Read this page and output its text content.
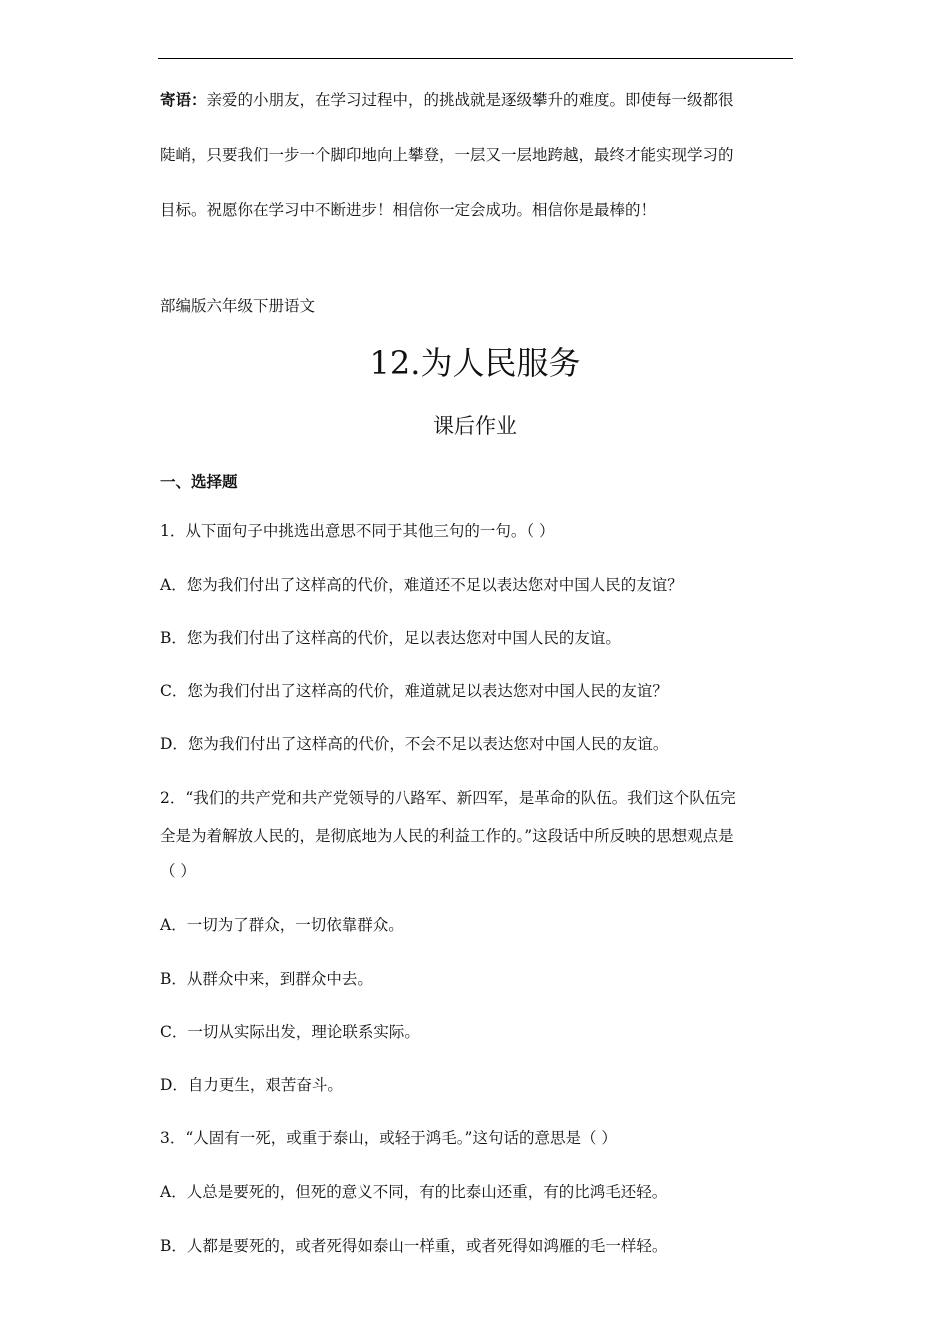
寄语：亲爱的小朋友，在学习过程中，的挑战就是逐级攀升的难度。即使每一级都很
陡峭，只要我们一步一个脚印地向上攀登，一层又一层地跨越，最终才能实现学习的
目标。祝愿你在学习中不断进步！相信你一定会成功。相信你是最棒的！
部编版六年级下册语文
12.为人民服务
课后作业
一、选择题
1．从下面句子中挑选出意思不同于其他三句的一句。（ ）
A．您为我们付出了这样高的代价，难道还不足以表达您对中国人民的友谊？
B．您为我们付出了这样高的代价，足以表达您对中国人民的友谊。
C．您为我们付出了这样高的代价，难道就足以表达您对中国人民的友谊？
D．您为我们付出了这样高的代价，不会不足以表达您对中国人民的友谊。
2．“我们的共产党和共产党领导的八路军、新四军，是革命的队伍。我们这个队伍完
全是为着解放人民的，是彻底地为人民的利益工作的。”这段话中所反映的思想观点是
（ ）
A．一切为了群众，一切依靠群众。
B．从群众中来，到群众中去。
C．一切从实际出发，理论联系实际。
D．自力更生，艰苦奋斗。
3．“人固有一死，或重于泰山，或轻于鸿毛。”这句话的意思是（ ）
A．人总是要死的，但死的意义不同，有的比泰山还重，有的比鸿毛还轻。
B．人都是要死的，或者死得如泰山一样重，或者死得如鸿雁的毛一样轻。
